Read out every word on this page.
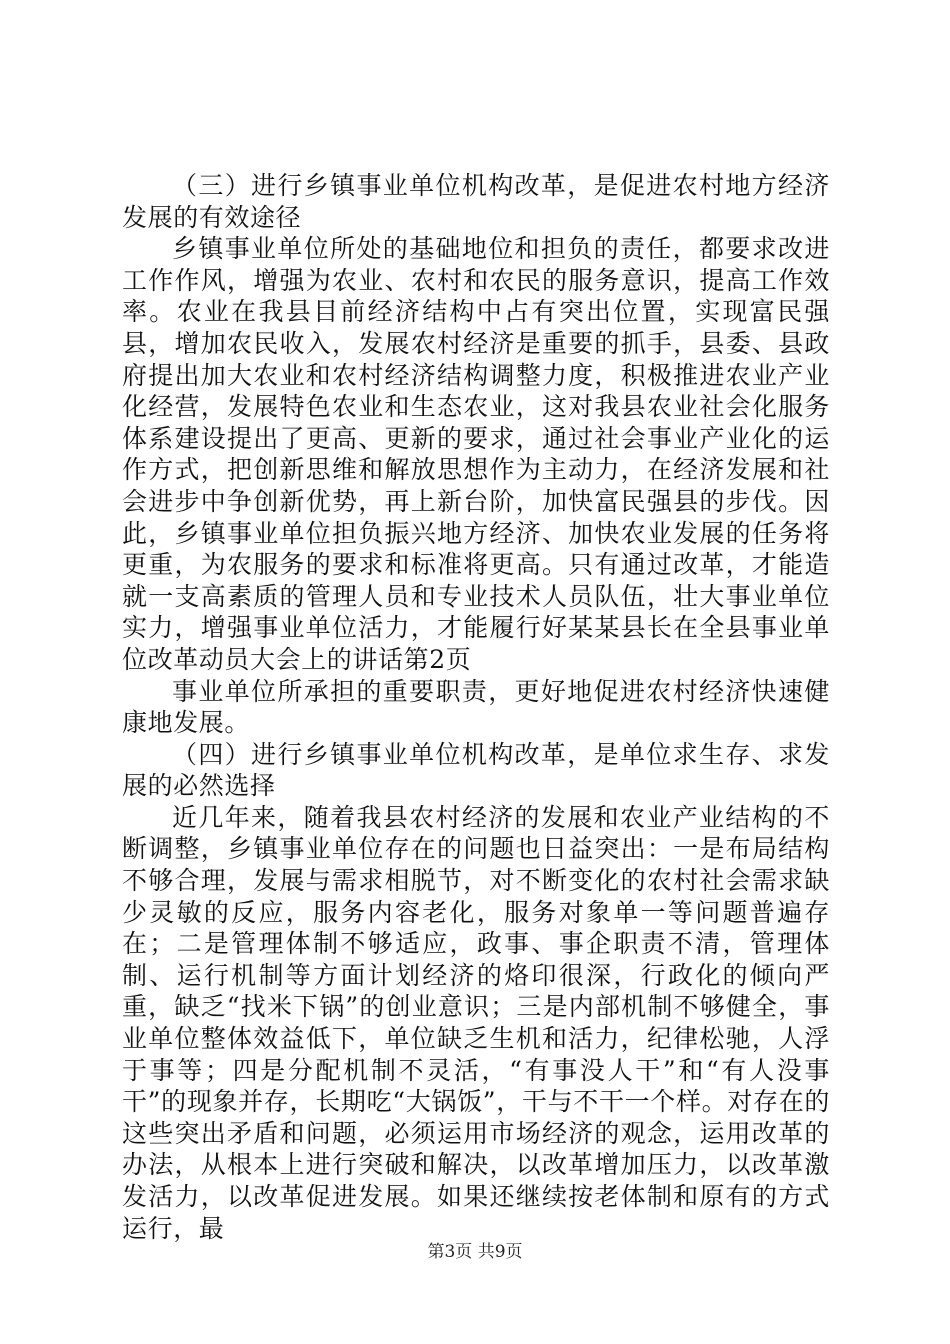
（三）进行乡镇事业单位机构改革，是促进农村地方经济发展的有效途径

乡镇事业单位所处的基础地位和担负的责任，都要求改进工作作风，增强为农业、农村和农民的服务意识，提高工作效率。农业在我县目前经济结构中占有突出位置，实现富民强县，增加农民收入，发展农村经济是重要的抓手，县委、县政府提出加大农业和农村经济结构调整力度，积极推进农业产业化经营，发展特色农业和生态农业，这对我县农业社会化服务体系建设提出了更高、更新的要求，通过社会事业产业化的运作方式，把创新思维和解放思想作为主动力，在经济发展和社会进步中争创新优势，再上新台阶，加快富民强县的步伐。因此，乡镇事业单位担负振兴地方经济、加快农业发展的任务将更重，为农服务的要求和标准将更高。只有通过改革，才能造就一支高素质的管理人员和专业技术人员队伍，壮大事业单位实力，增强事业单位活力，才能履行好某某县长在全县事业单位改革动员大会上的讲话第2页

事业单位所承担的重要职责，更好地促进农村经济快速健康地发展。

（四）进行乡镇事业单位机构改革，是单位求生存、求发展的必然选择

近几年来，随着我县农村经济的发展和农业产业结构的不断调整，乡镇事业单位存在的问题也日益突出：一是布局结构不够合理，发展与需求相脱节，对不断变化的农村社会需求缺少灵敏的反应，服务内容老化，服务对象单一等问题普遍存在；二是管理体制不够适应，政事、事企职责不清，管理体制、运行机制等方面计划经济的烙印很深，行政化的倾向严重，缺乏“找米下锅”的创业意识；三是内部机制不够健全，事业单位整体效益低下，单位缺乏生机和活力，纪律松驰，人浮于事等；四是分配机制不灵活，“有事没人干”和“有人没事干”的现象并存，长期吃“大锅饭”，干与不干一个样。对存在的这些突出矛盾和问题，必须运用市场经济的观念，运用改革的办法，从根本上进行突破和解决，以改革增加压力，以改革激发活力，以改革促进发展。如果还继续按老体制和原有的方式运行，最

第3页 共9页
